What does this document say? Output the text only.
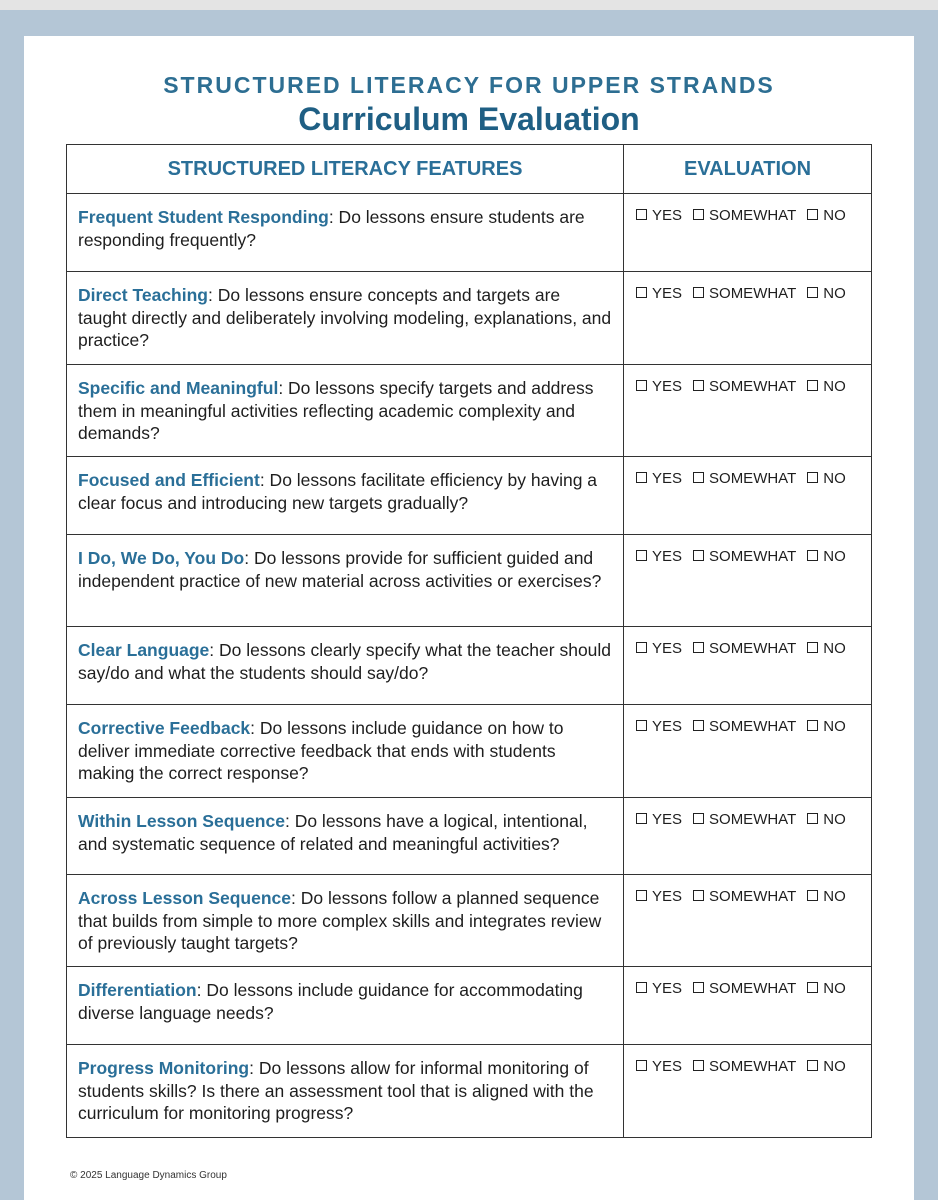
STRUCTURED LITERACY FOR UPPER STRANDS
Curriculum Evaluation
STRUCTURED LITERACY FEATURES	EVALUATION
Frequent Student Responding: Do lessons ensure students are responding frequently?	YES SOMEWHAT NO
Direct Teaching: Do lessons ensure concepts and targets are taught directly and deliberately involving modeling, explanations, and practice?	YES SOMEWHAT NO
Specific and Meaningful: Do lessons specify targets and address them in meaningful activities reflecting academic complexity and demands?	YES SOMEWHAT NO
Focused and Efficient: Do lessons facilitate efficiency by having a clear focus and introducing new targets gradually?	YES SOMEWHAT NO
I Do, We Do, You Do: Do lessons provide for sufficient guided and independent practice of new material across activities or exercises?	YES SOMEWHAT NO
Clear Language: Do lessons clearly specify what the teacher should say/do and what the students should say/do?	YES SOMEWHAT NO
Corrective Feedback: Do lessons include guidance on how to deliver immediate corrective feedback that ends with students making the correct response?	YES SOMEWHAT NO
Within Lesson Sequence: Do lessons have a logical, intentional, and systematic sequence of related and meaningful activities?	YES SOMEWHAT NO
Across Lesson Sequence: Do lessons follow a planned sequence that builds from simple to more complex skills and integrates review of previously taught targets?	YES SOMEWHAT NO
Differentiation: Do lessons include guidance for accommodating diverse language needs?	YES SOMEWHAT NO
Progress Monitoring: Do lessons allow for informal monitoring of students skills? Is there an assessment tool that is aligned with the curriculum for monitoring progress?	YES SOMEWHAT NO
© 2025 Language Dynamics Group
